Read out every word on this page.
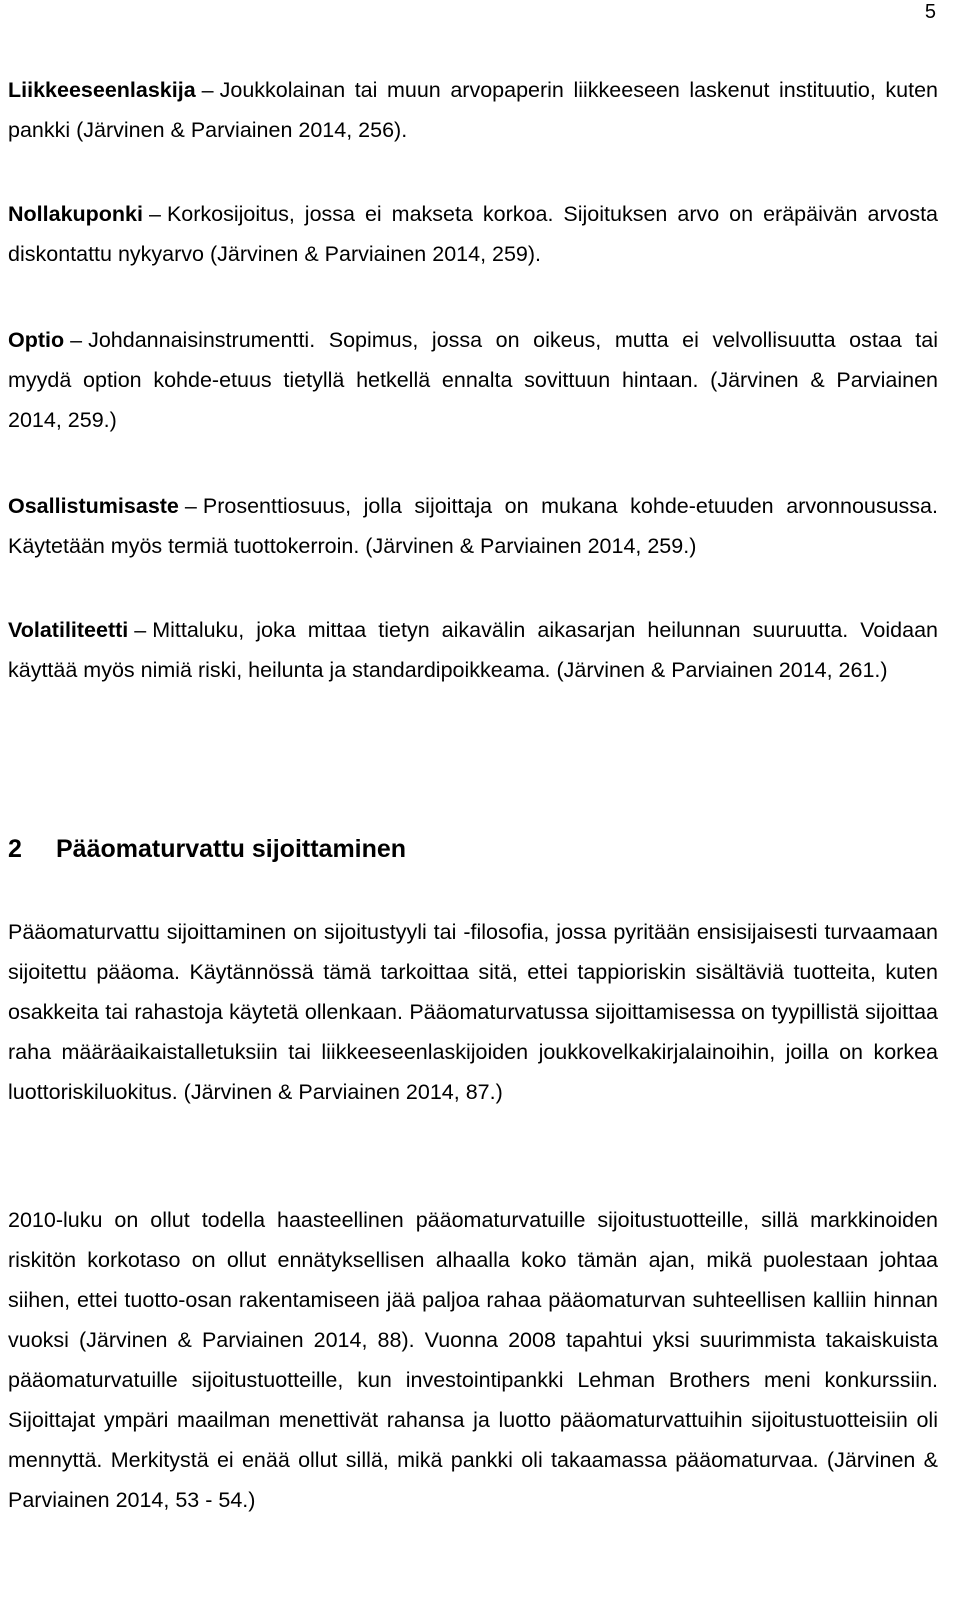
5
Liikkeeseenlaskija – Joukkolainan tai muun arvopaperin liikkeeseen laskenut instituutio, kuten pankki (Järvinen & Parviainen 2014, 256).
Nollakuponki – Korkosijoitus, jossa ei makseta korkoa. Sijoituksen arvo on eräpäivän arvosta diskontattu nykyarvo (Järvinen & Parviainen 2014, 259).
Optio – Johdannaisinstrumentti. Sopimus, jossa on oikeus, mutta ei velvollisuutta ostaa tai myydä option kohde-etuus tietyllä hetkellä ennalta sovittuun hintaan. (Järvinen & Parviainen 2014, 259.)
Osallistumisaste – Prosenttiosuus, jolla sijoittaja on mukana kohde-etuuden arvonnousussa. Käytetään myös termiä tuottokerroin. (Järvinen & Parviainen 2014, 259.)
Volatiliteetti – Mittaluku, joka mittaa tietyn aikavälin aikasarjan heilunnan suuruutta. Voidaan käyttää myös nimiä riski, heilunta ja standardipoikkeama. (Järvinen & Parviainen 2014, 261.)
2 Pääomaturvattu sijoittaminen
Pääomaturvattu sijoittaminen on sijoitustyyli tai -filosofia, jossa pyritään ensisijaisesti turvaamaan sijoitettu pääoma. Käytännössä tämä tarkoittaa sitä, ettei tappioriskin sisältäviä tuotteita, kuten osakkeita tai rahastoja käytetä ollenkaan. Pääomaturvatussa sijoittamisessa on tyypillistä sijoittaa raha määräaikaistalletuksiin tai liikkeeseenlaskijoiden joukkovelkakirjalainoihin, joilla on korkea luottoriskiluokitus. (Järvinen & Parviainen 2014, 87.)
2010-luku on ollut todella haasteellinen pääomaturvatuille sijoitustuotteille, sillä markkinoiden riskitön korkotaso on ollut ennätyksellisen alhaalla koko tämän ajan, mikä puolestaan johtaa siihen, ettei tuotto-osan rakentamiseen jää paljoa rahaa pääomaturvan suhteellisen kalliin hinnan vuoksi (Järvinen & Parviainen 2014, 88). Vuonna 2008 tapahtui yksi suurimmista takaiskuista pääomaturvatuille sijoitustuotteille, kun investointipankki Lehman Brothers meni konkurssiin. Sijoittajat ympäri maailman menettivät rahansa ja luotto pääomaturvattuihin sijoitustuotteisiin oli mennyttä. Merkitystä ei enää ollut sillä, mikä pankki oli takaamassa pääomaturvaa. (Järvinen & Parviainen 2014, 53 - 54.)
